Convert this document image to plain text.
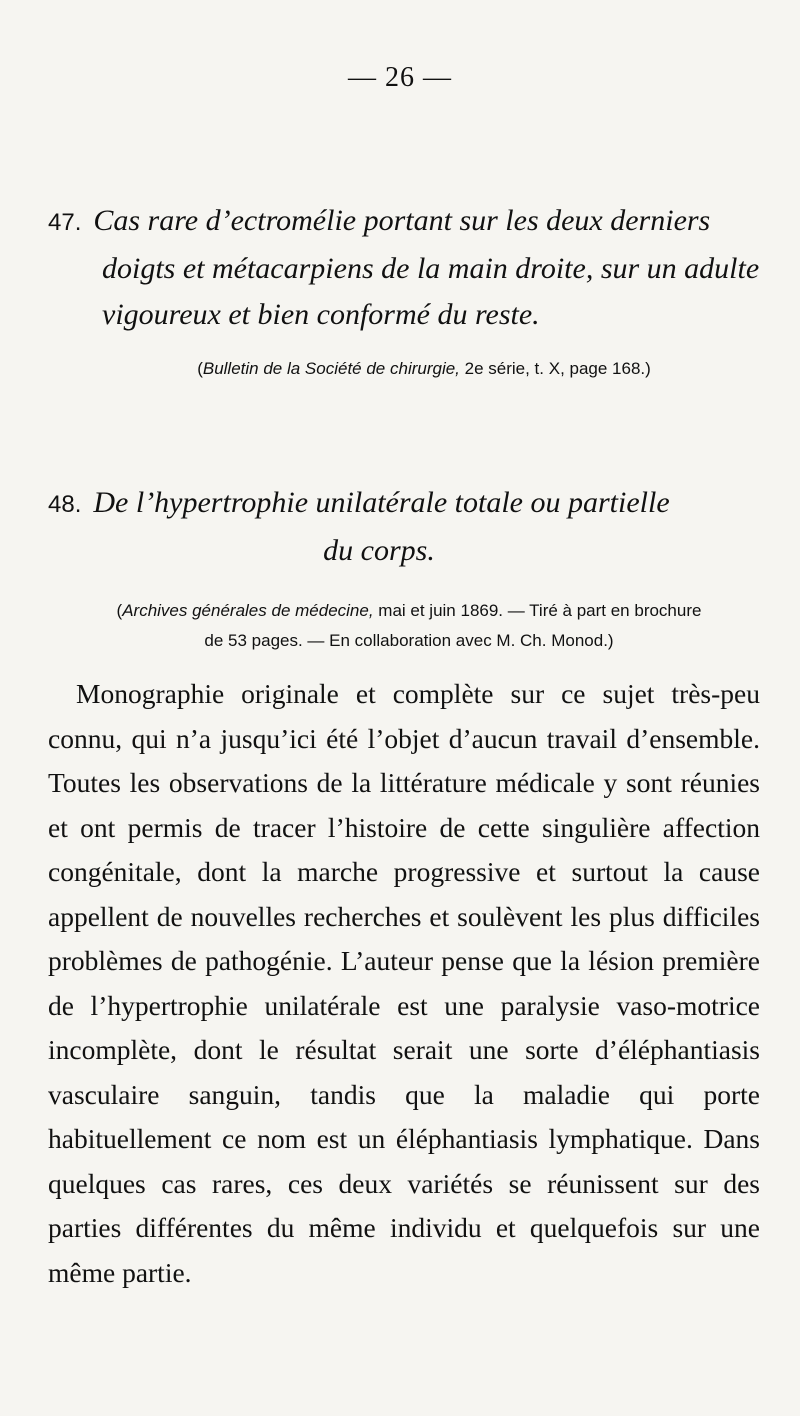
— 26 —

47. Cas rare d’ectromélie portant sur les deux derniers
doigts et métacarpiens de la main droite, sur un adulte
vigoureux et bien conformé du reste.

(Bulletin de la Société de chirurgie, 2e série, t. X, page 168.)

48. De l’hypertrophie unilatérale totale ou partielle
du corps.

(Archives générales de médecine, mai et juin 1869. — Tiré à part en brochure
de 53 pages. — En collaboration avec M. Ch. Monod.)

Monographie originale et complète sur ce sujet très-peu connu, qui n’a jusqu’ici été l’objet d’aucun travail d’ensemble. Toutes les observations de la littérature médicale y sont réunies et ont permis de tracer l’histoire de cette singulière affection congénitale, dont la marche progressive et surtout la cause appellent de nouvelles recherches et soulèvent les plus difficiles problèmes de pathogénie. L’auteur pense que la lésion première de l’hypertrophie unilatérale est une paralysie vaso-motrice incomplète, dont le résultat serait une sorte d’éléphantiasis vasculaire sanguin, tandis que la maladie qui porte habituellement ce nom est un éléphantiasis lymphatique. Dans quelques cas rares, ces deux variétés se réunissent sur des parties différentes du même individu et quelquefois sur une même partie.
